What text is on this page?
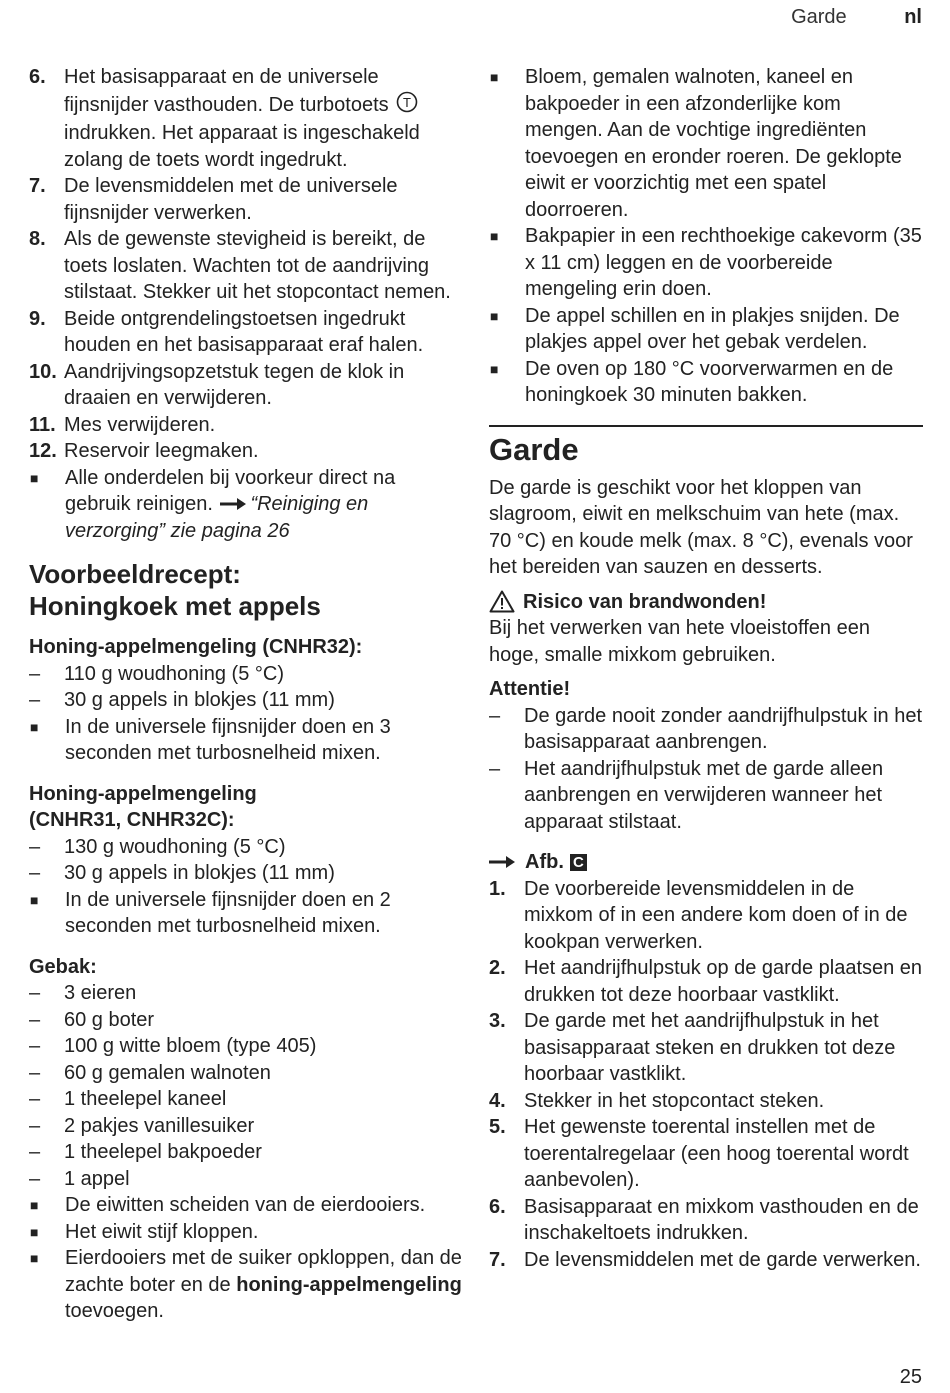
Garde	nl
6. Het basisapparaat en de universele fijnsnijder vasthouden. De turbotoets T
indrukken. Het apparaat is ingeschakeld zolang de toets wordt ingedrukt.
7. De levensmiddelen met de universele fijnsnijder verwerken.
8. Als de gewenste stevigheid is bereikt, de toets loslaten. Wachten tot de aandrijving stilstaat. Stekker uit het stopcontact nemen.
9. Beide ontgrendelingstoetsen ingedrukt houden en het basisapparaat eraf halen.
10. Aandrijvingsopzetstuk tegen de klok in draaien en verwijderen.
11. Mes verwijderen.
12. Reservoir leegmaken.
■	Alle onderdelen bij voorkeur direct na gebruik reinigen. “Reiniging en verzorging” zie pagina 26
Voorbeeldrecept:
Honingkoek met appels
Honing-appelmengeling (CNHR32):
–	110 g woudhoning (5 °C)
–	30 g appels in blokjes (11 mm)
■	In de universele fijnsnijder doen en 3 seconden met turbosnelheid mixen.
Honing-appelmengeling
(CNHR31, CNHR32C):
–	130 g woudhoning (5 °C)
–	30 g appels in blokjes (11 mm)
■	In de universele fijnsnijder doen en 2 seconden met turbosnelheid mixen.
Gebak:
–	3 eieren
–	60 g boter
–	100 g witte bloem (type 405)
–	60 g gemalen walnoten
–	1 theelepel kaneel
–	2 pakjes vanillesuiker
–	1 theelepel bakpoeder
–	1 appel
■	De eiwitten scheiden van de eierdooiers.
■	Het eiwit stijf kloppen.
■	Eierdooiers met de suiker opkloppen, dan de zachte boter en de honing-appelmengeling toevoegen.
■	Bloem, gemalen walnoten, kaneel en bakpoeder in een afzonderlijke kom mengen. Aan de vochtige ingrediënten toevoegen en eronder roeren. De geklopte eiwit er voorzichtig met een spatel doorroeren.
■	Bakpapier in een rechthoekige cakevorm (35 x 11 cm) leggen en de voorbereide mengeling erin doen.
■	De appel schillen en in plakjes snijden. De plakjes appel over het gebak verdelen.
■	De oven op 180 °C voorverwarmen en de honingkoek 30 minuten bakken.
Garde
De garde is geschikt voor het kloppen van slagroom, eiwit en melkschuim van hete (max. 70 °C) en koude melk (max. 8 °C), evenals voor het bereiden van sauzen en desserts.
Risico van brandwonden!
Bij het verwerken van hete vloeistoffen een hoge, smalle mixkom gebruiken.
Attentie!
–	De garde nooit zonder aandrijfhulpstuk in het basisapparaat aanbrengen.
–	Het aandrijfhulpstuk met de garde alleen aanbrengen en verwijderen wanneer het apparaat stilstaat.
Afb. C
1. De voorbereide levensmiddelen in de mixkom of in een andere kom doen of in de kookpan verwerken.
2. Het aandrijfhulpstuk op de garde plaatsen en drukken tot deze hoorbaar vastklikt.
3. De garde met het aandrijfhulpstuk in het basisapparaat steken en drukken tot deze hoorbaar vastklikt.
4. Stekker in het stopcontact steken.
5. Het gewenste toerental instellen met de toerentalregelaar (een hoog toerental wordt aanbevolen).
6. Basisapparaat en mixkom vasthouden en de inschakeltoets indrukken.
7. De levensmiddelen met de garde verwerken.
25
